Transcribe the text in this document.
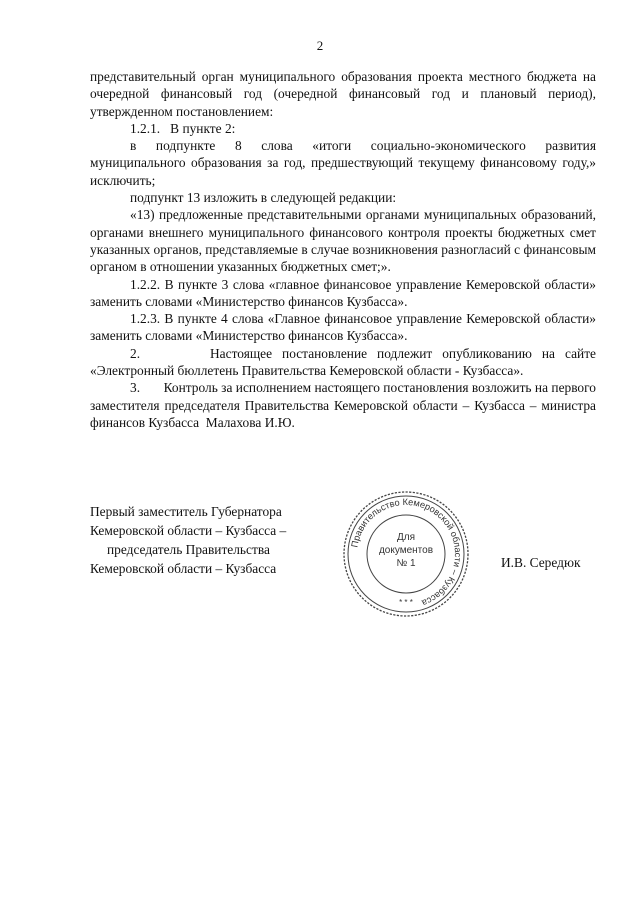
2

представительный орган муниципального образования проекта местного бюджета на очередной финансовый год (очередной финансовый год и плановый период), утвержденном постановлением:

1.2.1.   В пункте 2:

в подпункте 8 слова «итоги социально-экономического развития муниципального образования за год, предшествующий текущему финансовому году,» исключить;

подпункт 13 изложить в следующей редакции:

«13) предложенные представительными органами муниципальных образований, органами внешнего муниципального финансового контроля проекты бюджетных смет указанных органов, представляемые в случае возникновения разногласий с финансовым органом в отношении указанных бюджетных смет;».

1.2.2. В пункте 3 слова «главное финансовое управление Кемеровской области» заменить словами «Министерство финансов Кузбасса».

1.2.3. В пункте 4 слова «Главное финансовое управление Кемеровской области» заменить словами «Министерство финансов Кузбасса».

2.       Настоящее постановление подлежит опубликованию на сайте «Электронный бюллетень Правительства Кемеровской области - Кузбасса».

3.       Контроль за исполнением настоящего постановления возложить на первого заместителя председателя Правительства Кемеровской области – Кузбасса – министра финансов Кузбасса  Малахова И.Ю.

Первый заместитель Губернатора
Кемеровской области – Кузбасса –
председатель Правительства
Кемеровской области – Кузбасса
Правительство Кемеровской области – Кузбасса
Для
документов
№ 1
* * *
И.В. Середюк
